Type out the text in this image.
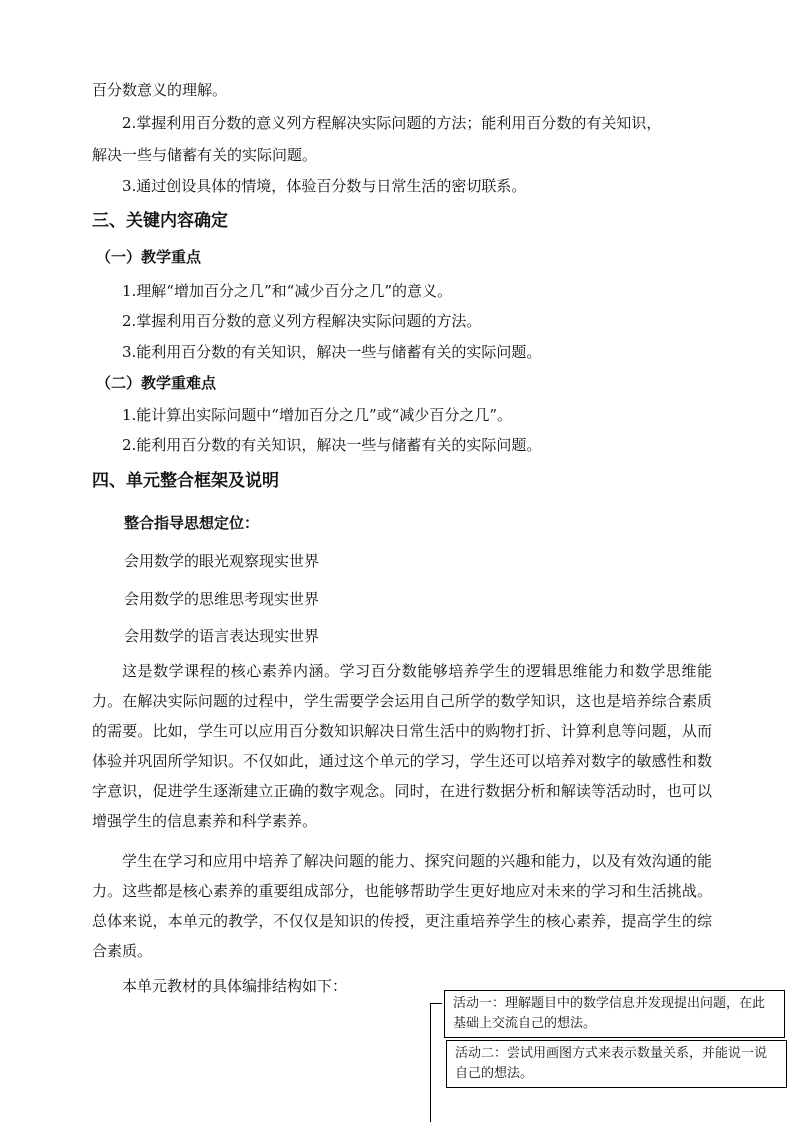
百分数意义的理解。
2.掌握利用百分数的意义列方程解决实际问题的方法；能利用百分数的有关知识，
解决一些与储蓄有关的实际问题。
3.通过创设具体的情境，体验百分数与日常生活的密切联系。
三、关键内容确定
（一）教学重点
1.理解“增加百分之几”和“减少百分之几”的意义。
2.掌握利用百分数的意义列方程解决实际问题的方法。
3.能利用百分数的有关知识，解决一些与储蓄有关的实际问题。
（二）教学重难点
1.能计算出实际问题中“增加百分之几”或“减少百分之几”。
2.能利用百分数的有关知识，解决一些与储蓄有关的实际问题。
四、单元整合框架及说明
整合指导思想定位：
会用数学的眼光观察现实世界
会用数学的思维思考现实世界
会用数学的语言表达现实世界
这是数学课程的核心素养内涵。学习百分数能够培养学生的逻辑思维能力和数学思维能力。在解决实际问题的过程中，学生需要学会运用自己所学的数学知识，这也是培养综合素质的需要。比如，学生可以应用百分数知识解决日常生活中的购物打折、计算利息等问题，从而体验并巩固所学知识。不仅如此，通过这个单元的学习，学生还可以培养对数字的敏感性和数字意识，促进学生逐渐建立正确的数字观念。同时，在进行数据分析和解读等活动时，也可以增强学生的信息素养和科学素养。
学生在学习和应用中培养了解决问题的能力、探究问题的兴趣和能力，以及有效沟通的能力。这些都是核心素养的重要组成部分，也能够帮助学生更好地应对未来的学习和生活挑战。总体来说，本单元的教学，不仅仅是知识的传授，更注重培养学生的核心素养，提高学生的综合素质。
本单元教材的具体编排结构如下：
活动一：理解题目中的数学信息并发现提出问题，在此基础上交流自己的想法。
活动二：尝试用画图方式来表示数量关系，并能说一说自己的想法。
